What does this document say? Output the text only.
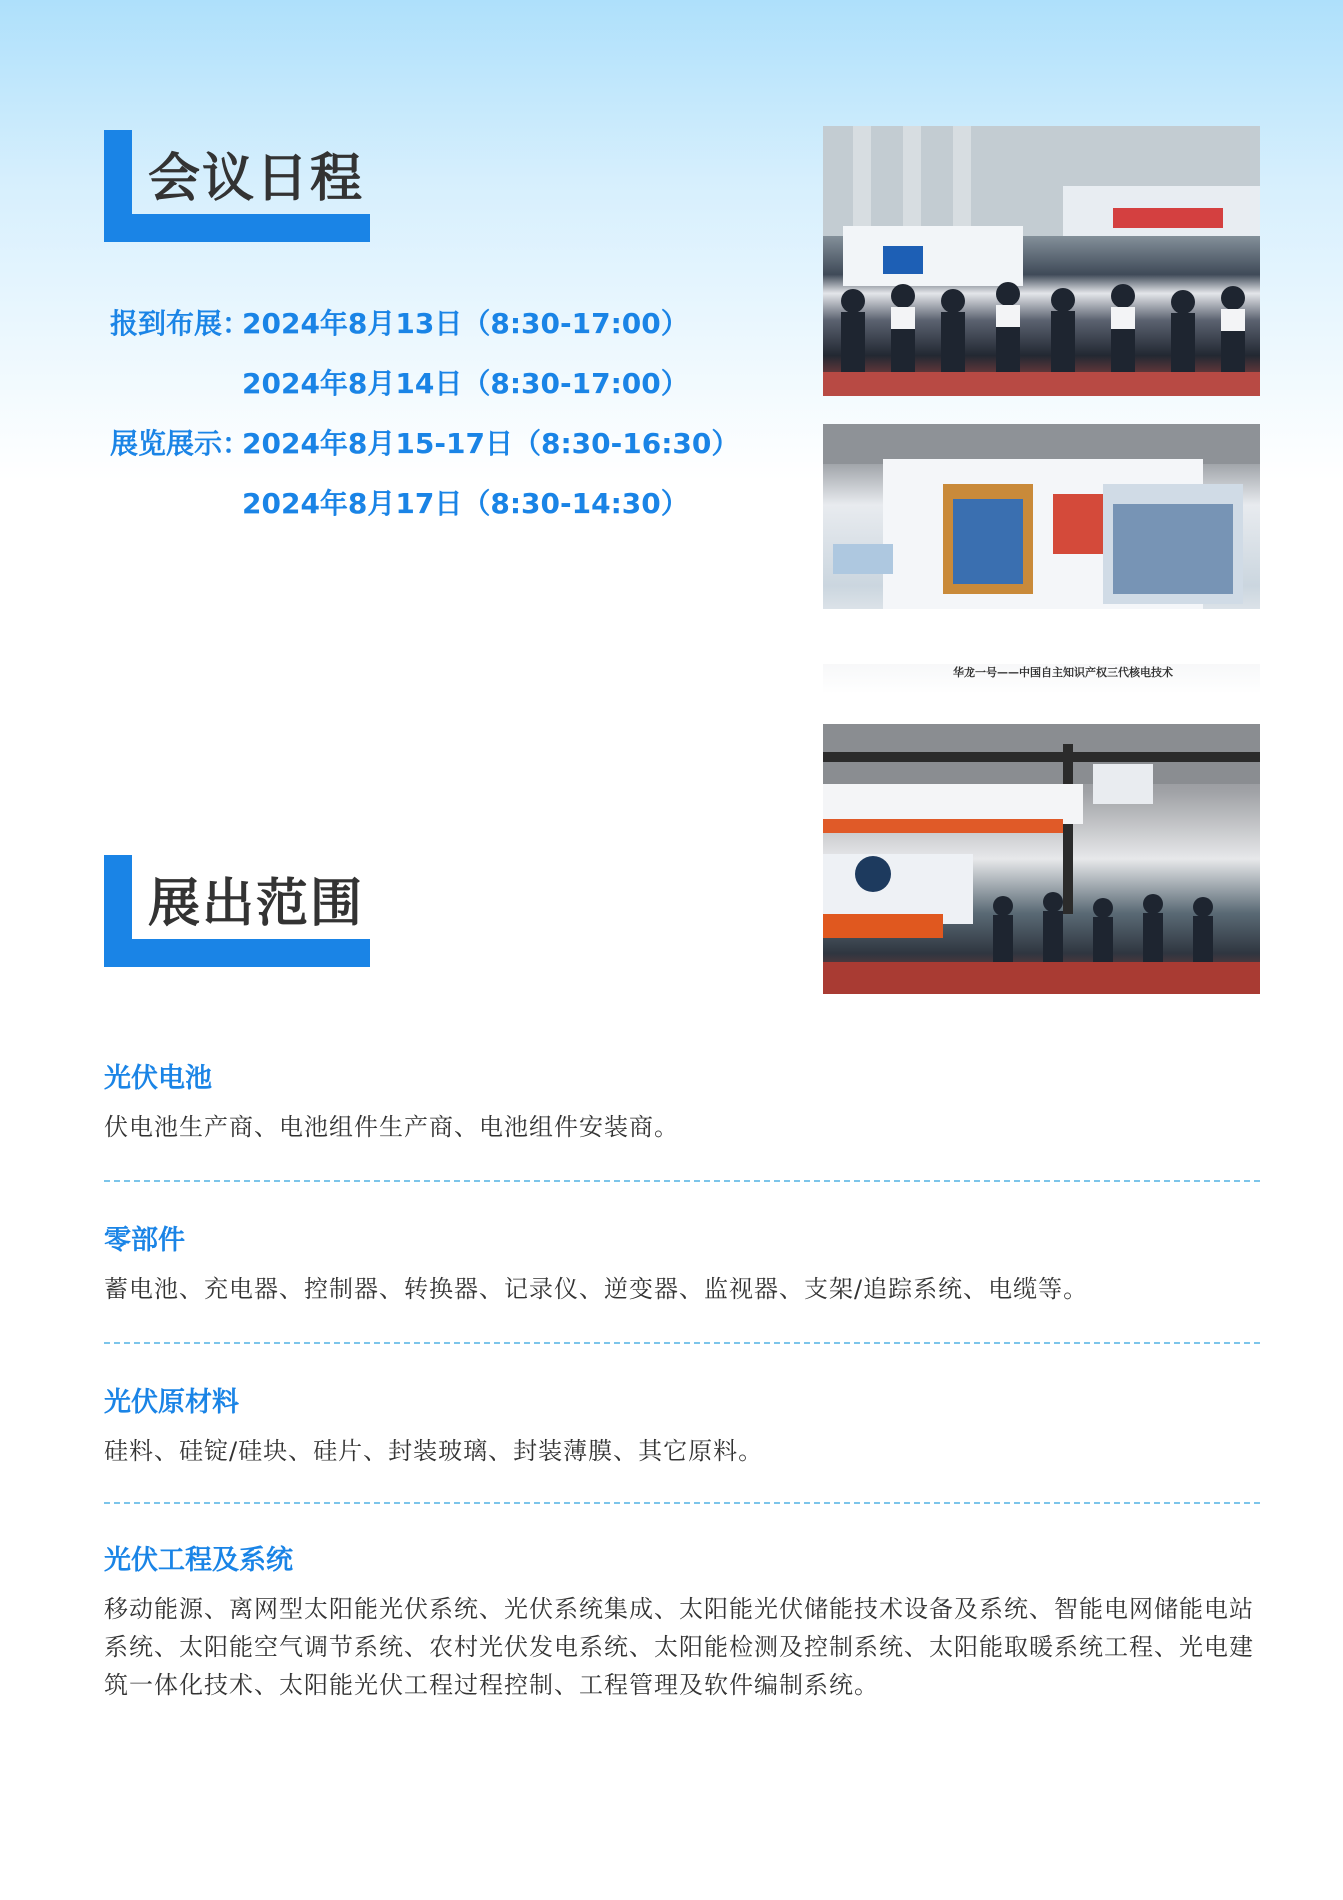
会议日程
报到布展：
2024年8月13日（8:30-17:00）
2024年8月14日（8:30-17:00）
展览展示：
2024年8月15-17日（8:30-16:30）
2024年8月17日（8:30-14:30）
华龙一号——中国自主知识产权三代核电技术
展出范围
光伏电池
伏电池生产商、电池组件生产商、电池组件安装商。
零部件
蓄电池、充电器、控制器、转换器、记录仪、逆变器、监视器、支架/追踪系统、电缆等。
光伏原材料
硅料、硅锭/硅块、硅片、封装玻璃、封装薄膜、其它原料。
光伏工程及系统
移动能源、离网型太阳能光伏系统、光伏系统集成、太阳能光伏储能技术设备及系统、智能电网储能电站系统、太阳能空气调节系统、农村光伏发电系统、太阳能检测及控制系统、太阳能取暖系统工程、光电建筑一体化技术、太阳能光伏工程过程控制、工程管理及软件编制系统。
